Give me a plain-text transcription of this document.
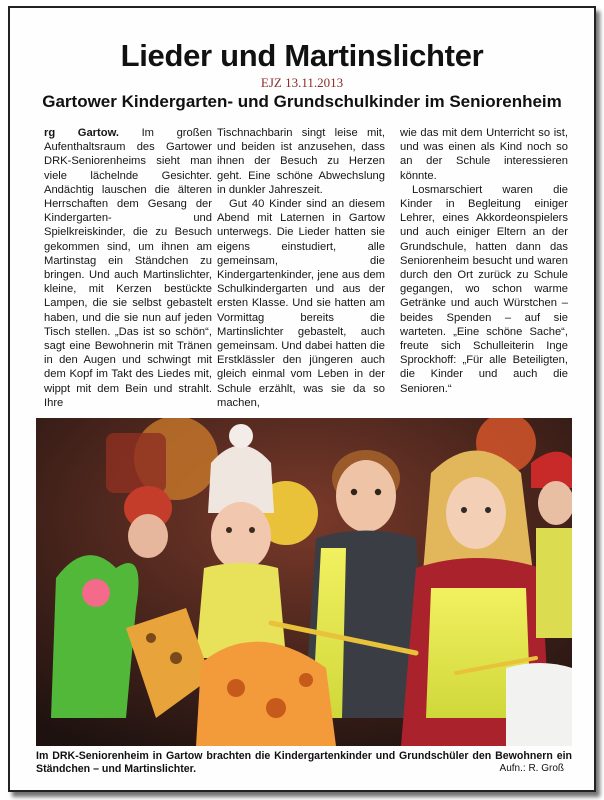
Lieder und Martinslichter
EJZ 13.11.2013
Gartower Kindergarten- und Grundschulkinder im Seniorenheim

rg Gartow. Im großen Aufenthaltsraum des Gartower DRK-Seniorenheims sieht man viele lächelnde Gesichter. Andächtig lauschen die älteren Herrschaften dem Gesang der Kindergarten- und Spielkreiskinder, die zu Besuch gekommen sind, um ihnen am Martinstag ein Ständchen zu bringen. Und auch Martinslichter, kleine, mit Kerzen bestückte Lampen, die sie selbst gebastelt haben, und die sie nun auf jeden Tisch stellen. „Das ist so schön“, sagt eine Bewohnerin mit Tränen in den Augen und schwingt mit dem Kopf im Takt des Liedes mit, wippt mit dem Bein und strahlt. Ihre

Tischnachbarin singt leise mit, und beiden ist anzusehen, dass ihnen der Besuch zu Herzen geht. Eine schöne Abwechslung in dunkler Jahreszeit.

Gut 40 Kinder sind an diesem Abend mit Laternen in Gartow unterwegs. Die Lieder hatten sie eigens einstudiert, alle gemeinsam, die Kindergartenkinder, jene aus dem Schulkindergarten und aus der ersten Klasse. Und sie hatten am Vormittag bereits die Martinslichter gebastelt, auch gemeinsam. Und dabei hatten die Erstklässler den jüngeren auch gleich einmal vom Leben in der Schule erzählt, was sie da so machen,

wie das mit dem Unterricht so ist, und was einen als Kind noch so an der Schule interessieren könnte.

Losmarschiert waren die Kinder in Begleitung einiger Lehrer, eines Akkordeonspielers und auch einiger Eltern an der Grundschule, hatten dann das Seniorenheim besucht und waren durch den Ort zurück zu Schule gegangen, wo schon warme Getränke und auch Würstchen – beides Spenden – auf sie warteten. „Eine schöne Sache“, freute sich Schulleiterin Inge Sprockhoff: „Für alle Beteiligten, die Kinder und auch die Senioren.“

Im DRK-Seniorenheim in Gartow brachten die Kindergartenkinder und Grundschüler den Bewohnern ein Ständchen – und Martinslichter.	Aufn.: R. Groß
